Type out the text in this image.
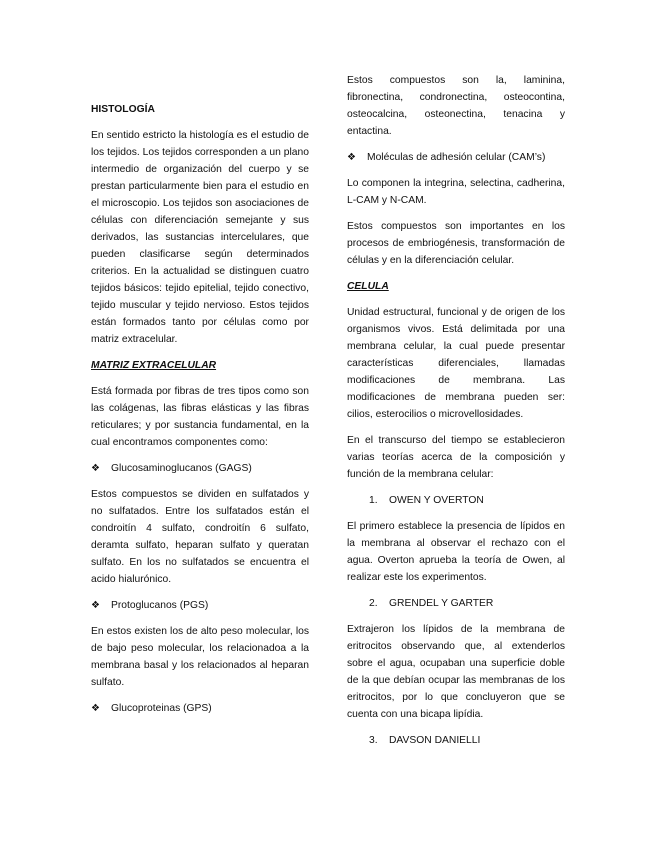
HISTOLOGÍA

En sentido estricto la histología es el estudio de los tejidos. Los tejidos corresponden a un plano intermedio de organización del cuerpo y se prestan particularmente bien para el estudio en el microscopio. Los tejidos son asociaciones de células con diferenciación semejante y sus derivados, las sustancias intercelulares, que pueden clasificarse según determinados criterios. En la actualidad se distinguen cuatro tejidos básicos: tejido epitelial, tejido conectivo, tejido muscular y tejido nervioso. Estos tejidos están formados tanto por células como por matriz extracelular.

MATRIZ EXTRACELULAR

Está formada por fibras de tres tipos como son las colágenas, las fibras elásticas y las fibras reticulares; y por sustancia fundamental, en la cual encontramos componentes como:

❖	Glucosaminoglucanos (GAGS)

Estos compuestos se dividen en sulfatados y no sulfatados. Entre los sulfatados están el condroitín 4 sulfato, condroitín 6 sulfato, deramta sulfato, heparan sulfato y queratan sulfato. En los no sulfatados se encuentra el acido hialurónico.

❖	Protoglucanos (PGS)

En estos existen los de alto peso molecular, los de bajo peso molecular, los relacionadoa a la membrana basal y los relacionados al heparan sulfato.

❖	Glucoproteinas (GPS)

Estos compuestos son la, laminina, fibronectina, condronectina, osteocontina, osteocalcina, osteonectina, tenacina y entactina.

❖	Moléculas de adhesión celular (CAM’s)

Lo componen la integrina, selectina, cadherina, L-CAM y N-CAM.

Estos compuestos son importantes en los procesos de embriogénesis, transformación de células y en la diferenciación celular.

CELULA

Unidad estructural, funcional y de origen de los organismos vivos. Está delimitada por una membrana celular, la cual puede presentar características diferenciales, llamadas modificaciones de membrana. Las modificaciones de membrana pueden ser: cilios, esterocilios o microvellosidades.

En el transcurso del tiempo se establecieron varias teorías acerca de la composición y función de la membrana celular:

1.	OWEN Y OVERTON

El primero establece la presencia de lípidos en la membrana al observar el rechazo con el agua. Overton aprueba la teoría de Owen, al realizar este los experimentos.

2.	GRENDEL Y GARTER

Extrajeron los lípidos de la membrana de eritrocitos observando que, al extenderlos sobre el agua, ocupaban una superficie doble de la que debían ocupar las membranas de los eritrocitos, por lo que concluyeron que se cuenta con una bicapa lipídia.

3.	DAVSON DANIELLI
